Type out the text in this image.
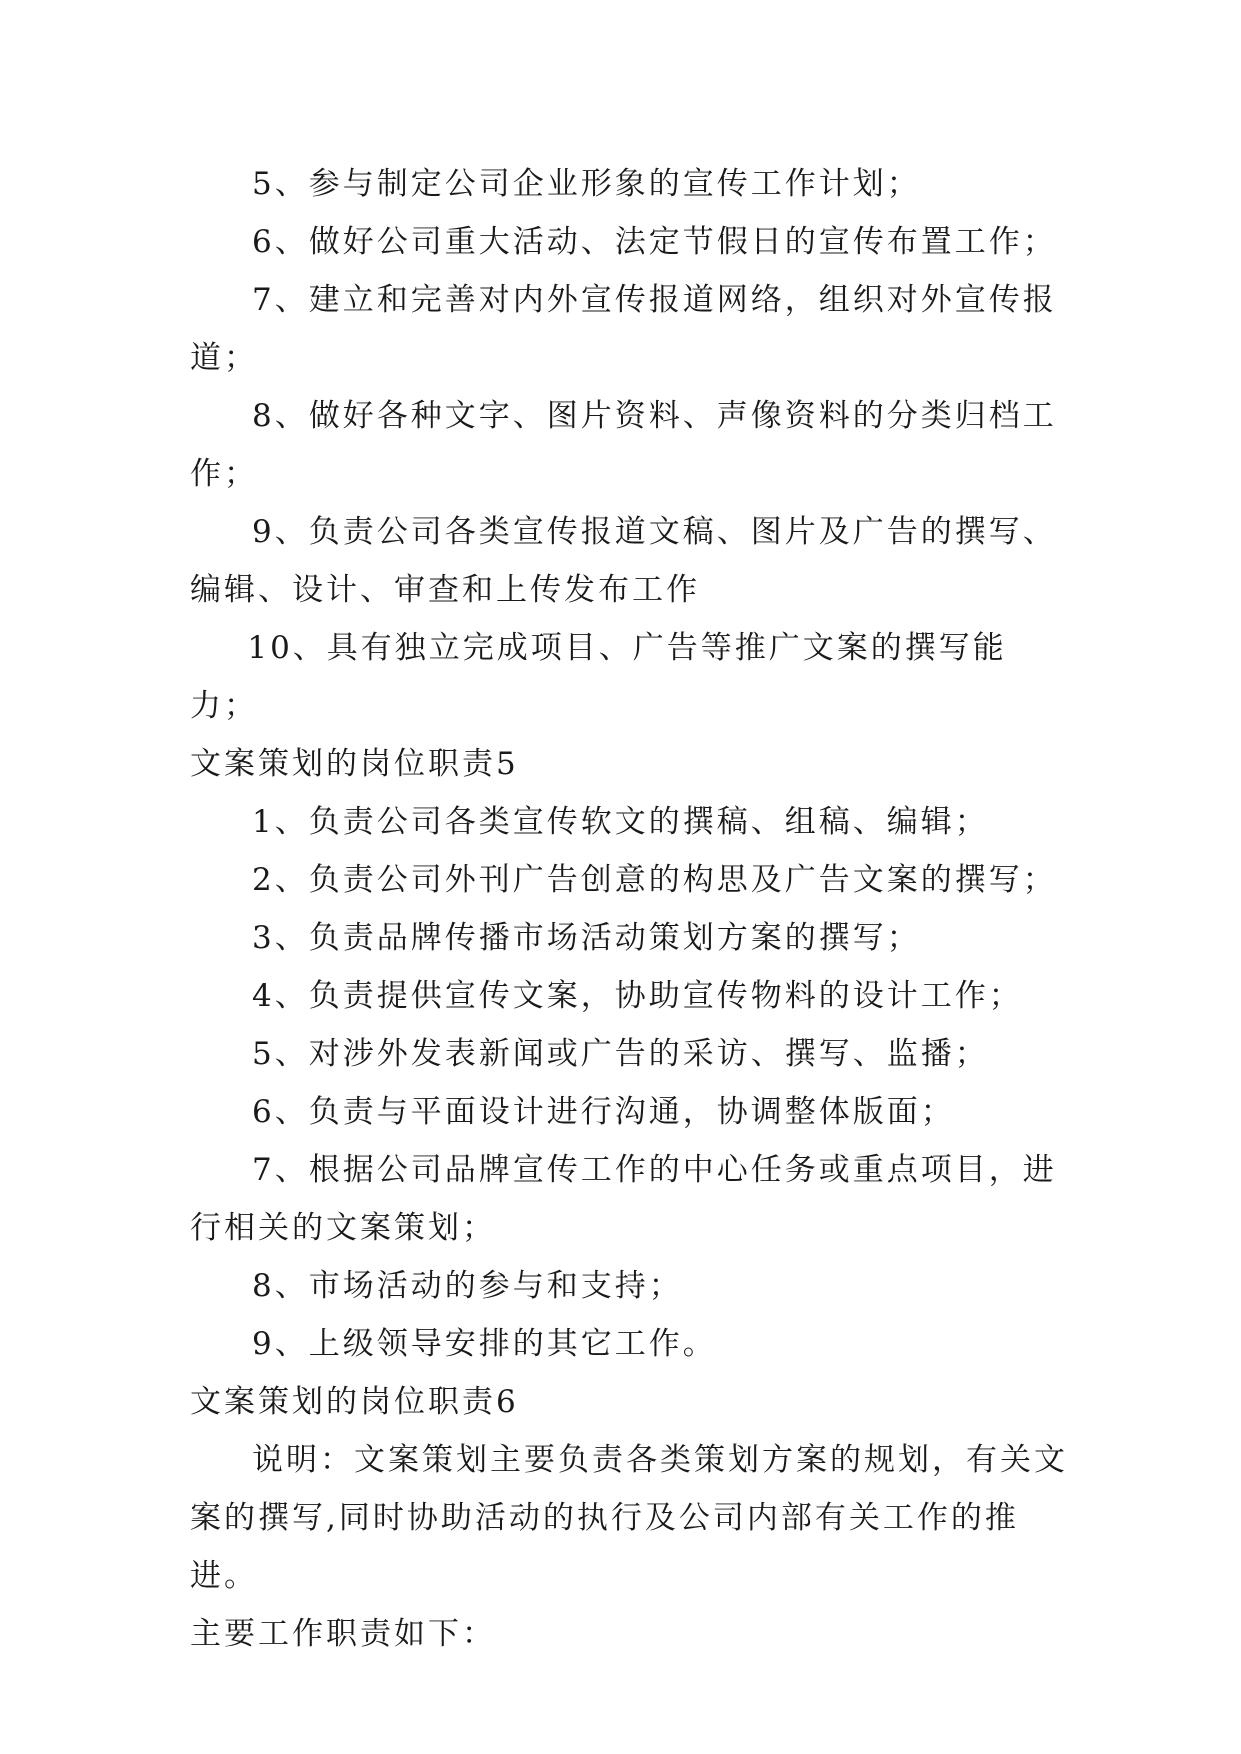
5、参与制定公司企业形象的宣传工作计划；

6、做好公司重大活动、法定节假日的宣传布置工作；

7、建立和完善对内外宣传报道网络，组织对外宣传报道；

8、做好各种文字、图片资料、声像资料的分类归档工作；

9、负责公司各类宣传报道文稿、图片及广告的撰写、编辑、设计、审查和上传发布工作

10、具有独立完成项目、广告等推广文案的撰写能力；

文案策划的岗位职责5

1、负责公司各类宣传软文的撰稿、组稿、编辑；

2、负责公司外刊广告创意的构思及广告文案的撰写；

3、负责品牌传播市场活动策划方案的撰写；

4、负责提供宣传文案，协助宣传物料的设计工作；

5、对涉外发表新闻或广告的采访、撰写、监播；

6、负责与平面设计进行沟通，协调整体版面；

7、根据公司品牌宣传工作的中心任务或重点项目，进行相关的文案策划；

8、市场活动的参与和支持；

9、上级领导安排的其它工作。

文案策划的岗位职责6

说明：文案策划主要负责各类策划方案的规划，有关文案的撰写,同时协助活动的执行及公司内部有关工作的推进。

主要工作职责如下：
